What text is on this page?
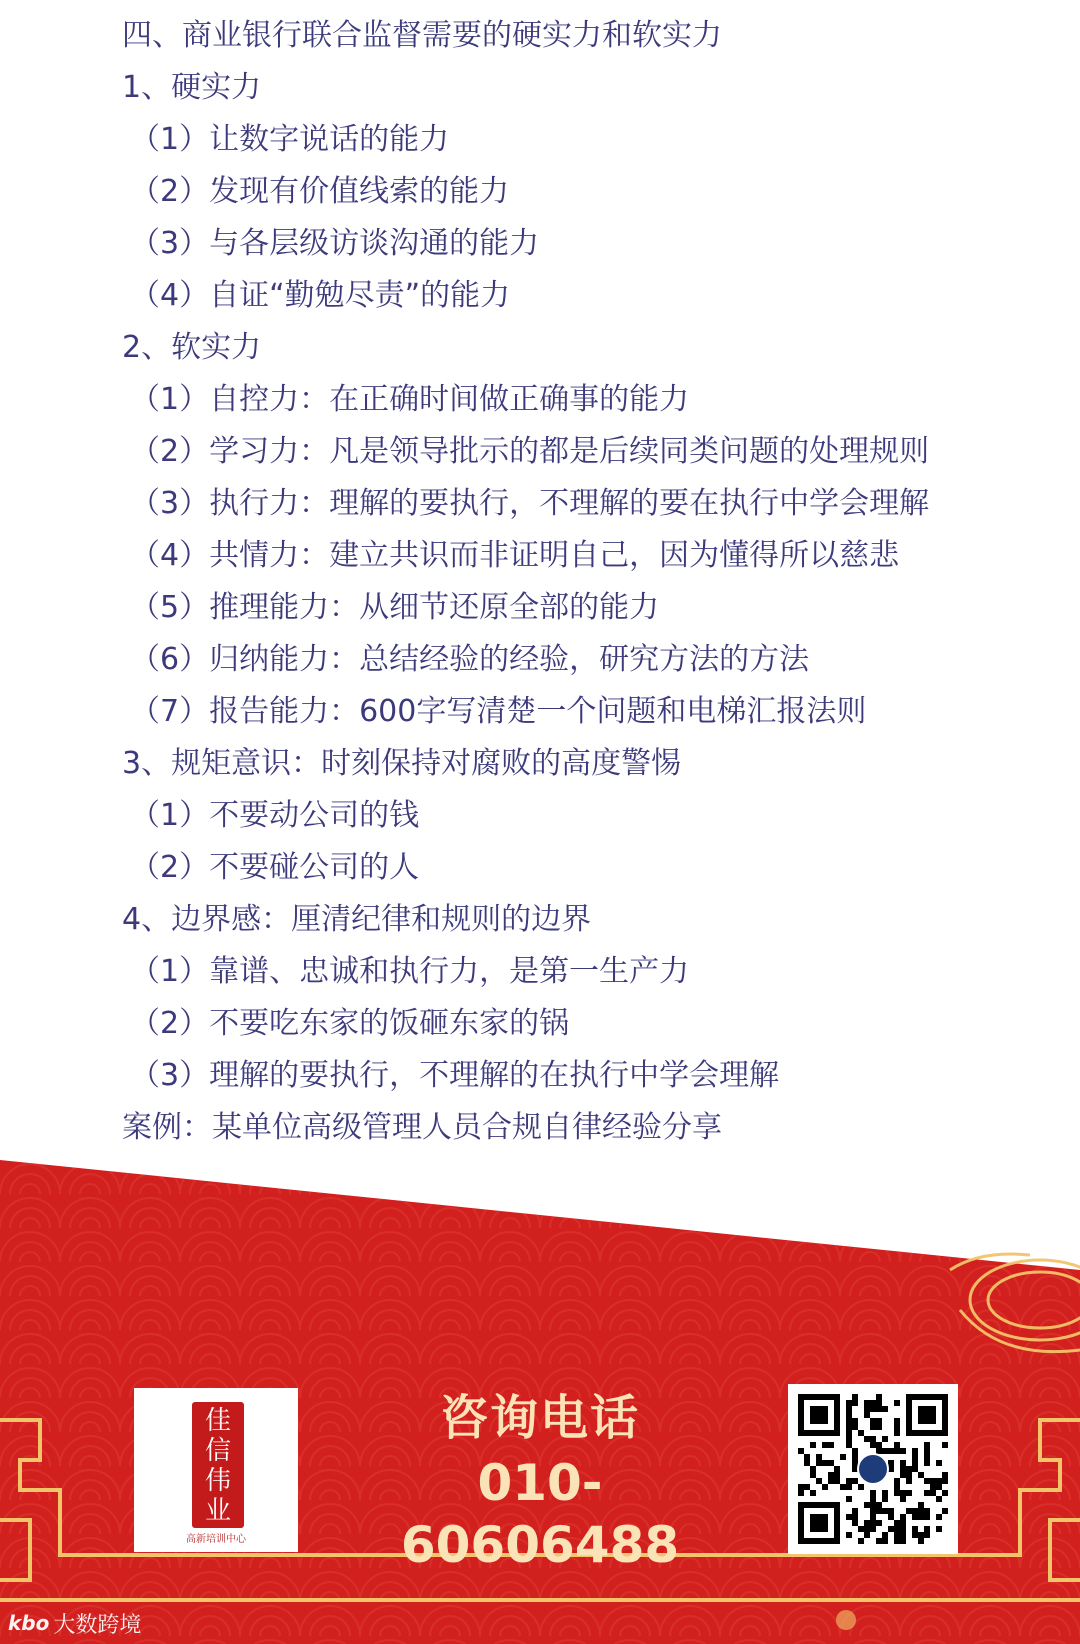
四、商业银行联合监督需要的硬实力和软实力
1、硬实力
（1）让数字说话的能力
（2）发现有价值线索的能力
（3）与各层级访谈沟通的能力
（4）自证“勤勉尽责”的能力
2、软实力
（1）自控力：在正确时间做正确事的能力
（2）学习力：凡是领导批示的都是后续同类问题的处理规则
（3）执行力：理解的要执行，不理解的要在执行中学会理解
（4）共情力：建立共识而非证明自己，因为懂得所以慈悲
（5）推理能力：从细节还原全部的能力
（6）归纳能力：总结经验的经验，研究方法的方法
（7）报告能力：600字写清楚一个问题和电梯汇报法则
3、规矩意识：时刻保持对腐败的高度警惕
（1）不要动公司的钱
（2）不要碰公司的人
4、边界感：厘清纪律和规则的边界
（1）靠谱、忠诚和执行力，是第一生产力
（2）不要吃东家的饭砸东家的锅
（3）理解的要执行，不理解的在执行中学会理解
案例：某单位高级管理人员合规自律经验分享
佳
信
伟
业
高新培训中心
咨询电话
010-60606488
kbo 大数跨境
